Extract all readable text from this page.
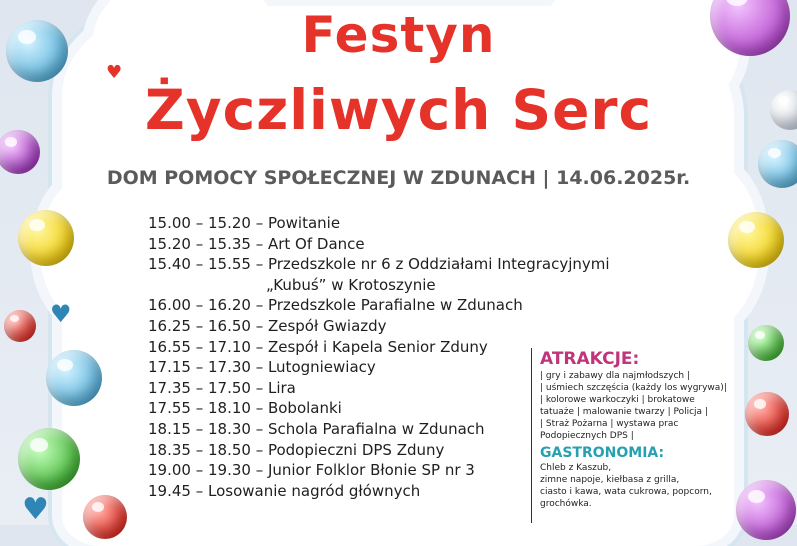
♥
♥
Festyn
♥
Życzliwych Serc
DOM POMOCY SPOŁECZNEJ W ZDUNACH | 14.06.2025r.
15.00 – 15.20 – Powitanie
15.20 – 15.35 – Art Of Dance
15.40 – 15.55 – Przedszkole nr 6 z Oddziałami Integracyjnymi
„Kubuś” w Krotoszynie
16.00 – 16.20 – Przedszkole Parafialne w Zdunach
16.25 – 16.50 – Zespół Gwiazdy
16.55 – 17.10 – Zespół i Kapela Senior Zduny
17.15 – 17.30 – Lutogniewiacy
17.35 – 17.50 – Lira
17.55 – 18.10 – Bobolanki
18.15 – 18.30 – Schola Parafialna w Zdunach
18.35 – 18.50 – Podopieczni DPS Zduny
19.00 – 19.30 – Junior Folklor Błonie SP nr 3
19.45 – Losowanie nagród głównych
ATRAKCJE:

| gry i zabawy dla najmłodszych |

| uśmiech szczęścia (każdy los wygrywa)|

| kolorowe warkoczyki | brokatowe

tatuaże | malowanie twarzy | Policja |

| Straż Pożarna | wystawa prac

Podopiecznych DPS |

GASTRONOMIA:

Chleb z Kaszub,

zimne napoje, kiełbasa z grilla,

ciasto i kawa, wata cukrowa, popcorn,

grochówka.
